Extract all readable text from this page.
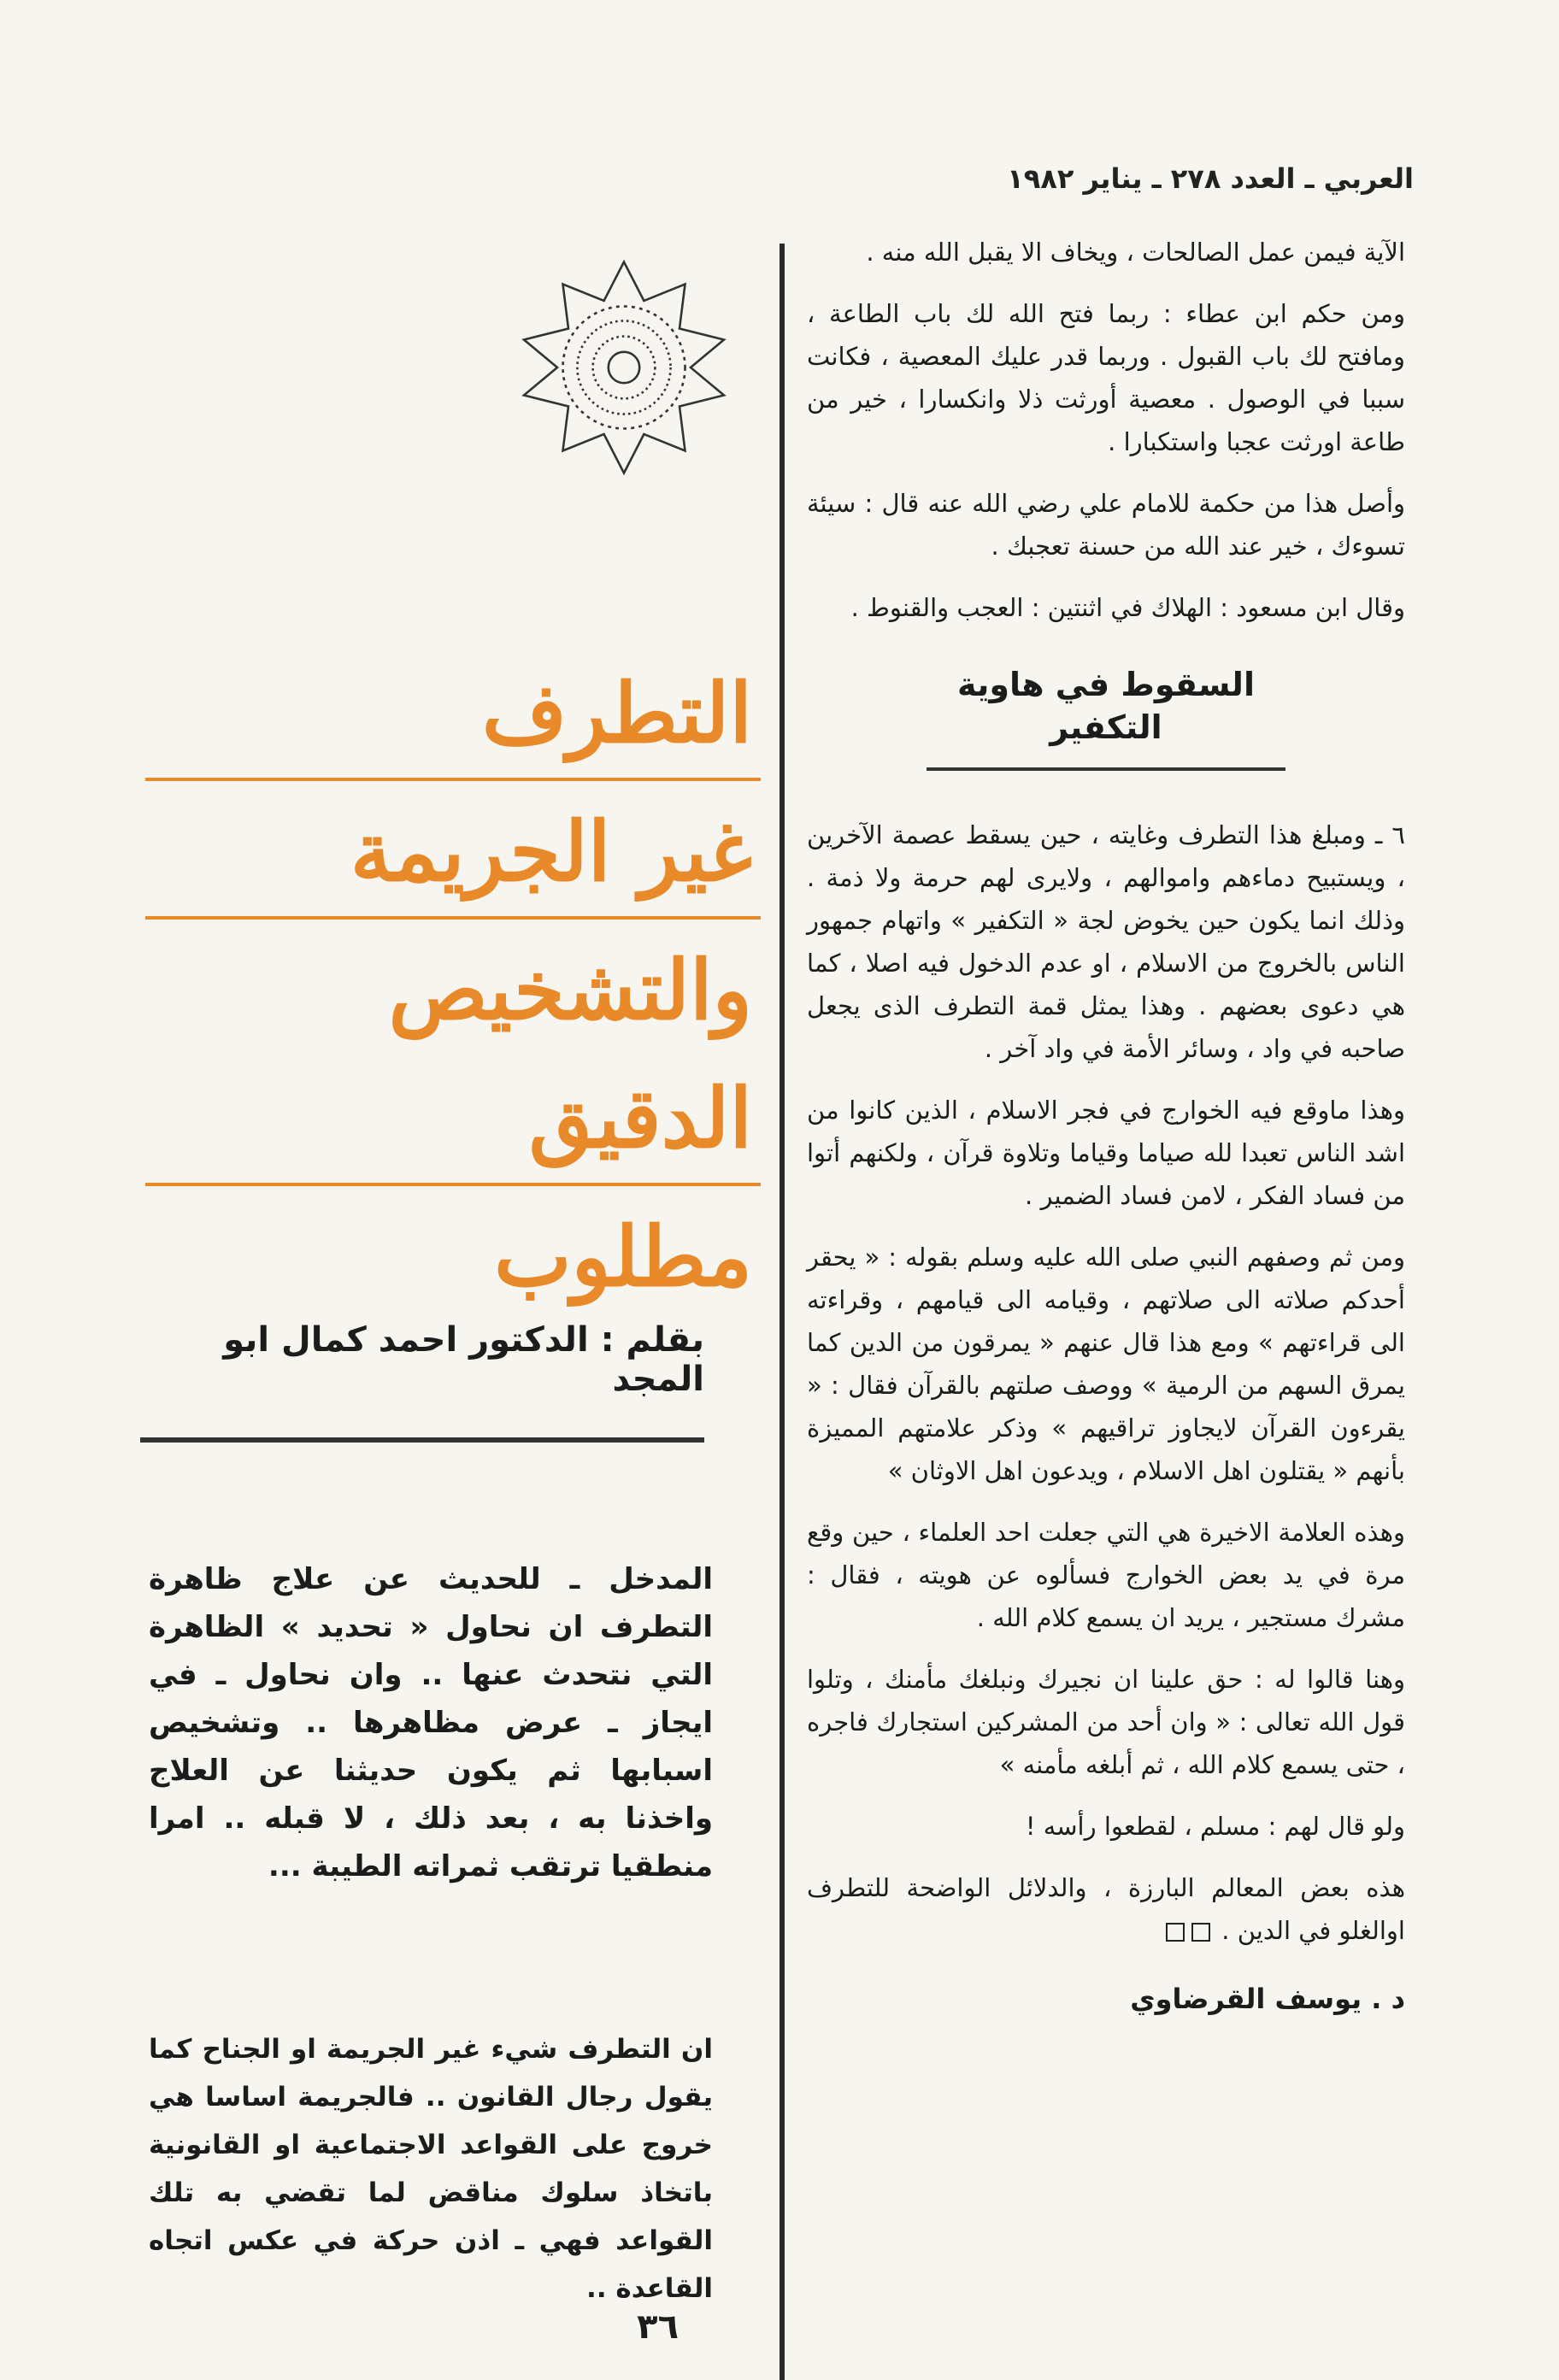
العربي ـ العدد ٢٧٨ ـ يناير ١٩٨٢
التطرف
غير الجريمة
والتشخيص الدقيق
مطلوب
بقلم : الدكتور احمد كمال ابو المجد
المدخل ـ للحديث عن علاج ظاهرة التطرف ان نحاول « تحديد » الظاهرة التي نتحدث عنها .. وان نحاول ـ في ايجاز ـ عرض مظاهرها .. وتشخيص اسبابها ثم يكون حديثنا عن العلاج واخذنا به ، بعد ذلك ، لا قبله .. امرا منطقيا ترتقب ثمراته الطيبة ...
ان التطرف شيء غير الجريمة او الجناح كما يقول رجال القانون .. فالجريمة اساسا هي خروج على القواعد الاجتماعية او القانونية باتخاذ سلوك مناقض لما تقضي به تلك القواعد فهي ـ اذن حركة في عكس اتجاه القاعدة ..

الآية فيمن عمل الصالحات ، ويخاف الا يقبل الله منه .

ومن حكم ابن عطاء : ربما فتح الله لك باب الطاعة ، ومافتح لك باب القبول . وربما قدر عليك المعصية ، فكانت سببا في الوصول . معصية أورثت ذلا وانكسارا ، خير من طاعة اورثت عجبا واستكبارا .

وأصل هذا من حكمة للامام علي رضي الله عنه قال : سيئة تسوءك ، خير عند الله من حسنة تعجبك .

وقال ابن مسعود : الهلاك في اثنتين : العجب والقنوط .

السقوط في هاوية التكفير

٦ ـ ومبلغ هذا التطرف وغايته ، حين يسقط عصمة الآخرين ، ويستبيح دماءهم واموالهم ، ولايرى لهم حرمة ولا ذمة . وذلك انما يكون حين يخوض لجة « التكفير » واتهام جمهور الناس بالخروج من الاسلام ، او عدم الدخول فيه اصلا ، كما هي دعوى بعضهم . وهذا يمثل قمة التطرف الذى يجعل صاحبه في واد ، وسائر الأمة في واد آخر .

وهذا ماوقع فيه الخوارج في فجر الاسلام ، الذين كانوا من اشد الناس تعبدا لله صياما وقياما وتلاوة قرآن ، ولكنهم أتوا من فساد الفكر ، لامن فساد الضمير .

ومن ثم وصفهم النبي صلى الله عليه وسلم بقوله : « يحقر أحدكم صلاته الى صلاتهم ، وقيامه الى قيامهم ، وقراءته الى قراءتهم » ومع هذا قال عنهم « يمرقون من الدين كما يمرق السهم من الرمية » ووصف صلتهم بالقرآن فقال : « يقرءون القرآن لايجاوز تراقيهم » وذكر علامتهم المميزة بأنهم « يقتلون اهل الاسلام ، ويدعون اهل الاوثان »

وهذه العلامة الاخيرة هي التي جعلت احد العلماء ، حين وقع مرة في يد بعض الخوارج فسألوه عن هويته ، فقال : مشرك مستجير ، يريد ان يسمع كلام الله .

وهنا قالوا له : حق علينا ان نجيرك ونبلغك مأمنك ، وتلوا قول الله تعالى : « وان أحد من المشركين استجارك فاجره ، حتى يسمع كلام الله ، ثم أبلغه مأمنه »

ولو قال لهم : مسلم ، لقطعوا رأسه !

هذه بعض المعالم البارزة ، والدلائل الواضحة للتطرف اوالغلو في الدين .

د . يوسف القرضاوي
٣٦
